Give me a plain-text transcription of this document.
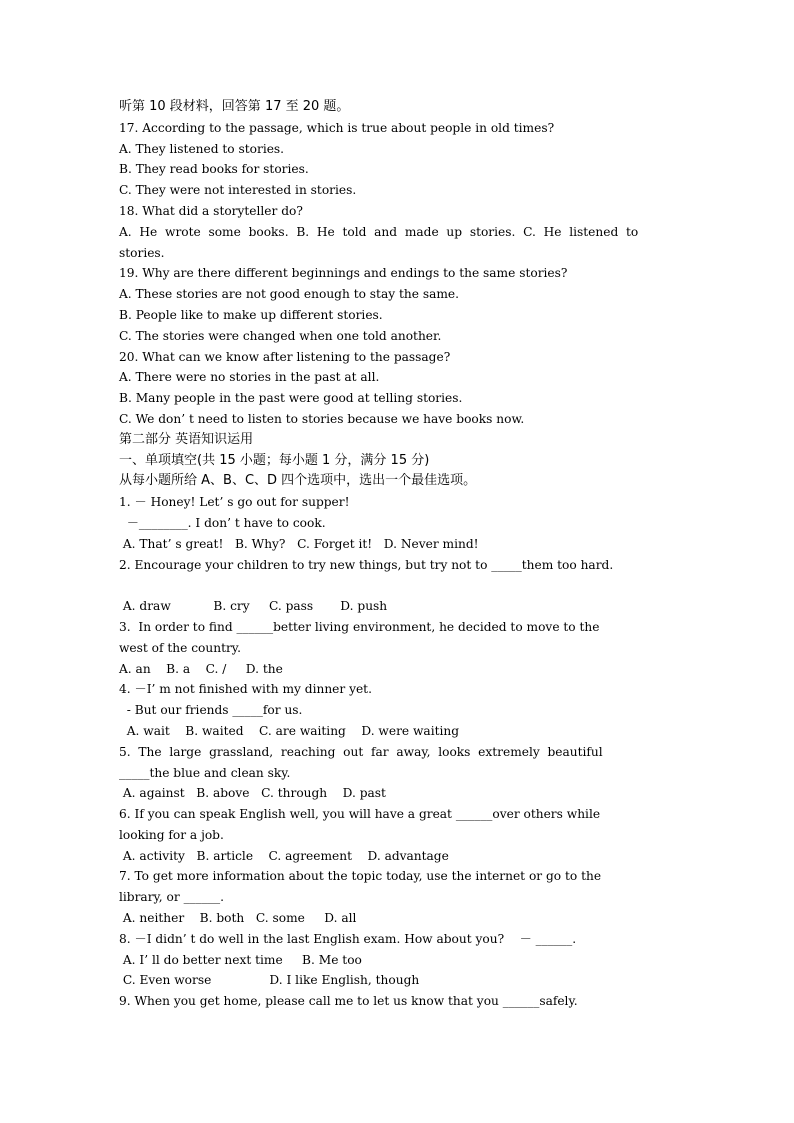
听第 10 段材料，回答第 17 至 20 题。
17. According to the passage, which is true about people in old times?
A. They listened to stories.
B. They read books for stories.
C. They were not interested in stories.
18. What did a storyteller do?
A.  He  wrote  some  books.  B.  He  told  and  made  up  stories.  C.  He  listened  to
stories.
19. Why are there different beginnings and endings to the same stories?
A. These stories are not good enough to stay the same.
B. People like to make up different stories.
C. The stories were changed when one told another.
20. What can we know after listening to the passage?
A. There were no stories in the past at all.
B. Many people in the past were good at telling stories.
C. We don’ t need to listen to stories because we have books now.
第二部分 英语知识运用
一、单项填空(共 15 小题；每小题 1 分，满分 15 分)
从每小题所给 A、B、C、D 四个选项中，选出一个最佳选项。
1. － Honey! Let’ s go out for supper!
－________. I don’ t have to cook.
A. That’ s great!   B. Why?   C. Forget it!   D. Never mind!
2. Encourage your children to try new things, but try not to _____them too hard.
A. draw           B. cry     C. pass       D. push
3.  In order to find ______better living environment, he decided to move to the
west of the country.
A. an    B. a    C. /     D. the
4. －I’ m not finished with my dinner yet.
- But our friends _____for us.
A. wait    B. waited    C. are waiting    D. were waiting
5.  The  large  grassland,  reaching  out  far  away,  looks  extremely  beautiful
_____the blue and clean sky.
A. against   B. above   C. through    D. past
6. If you can speak English well, you will have a great ______over others while
looking for a job.
A. activity   B. article    C. agreement    D. advantage
7. To get more information about the topic today, use the internet or go to the
library, or ______.
A. neither    B. both   C. some     D. all
8. －I didn’ t do well in the last English exam. How about you?    － ______.
A. I’ ll do better next time     B. Me too
C. Even worse               D. I like English, though
9. When you get home, please call me to let us know that you ______safely.
